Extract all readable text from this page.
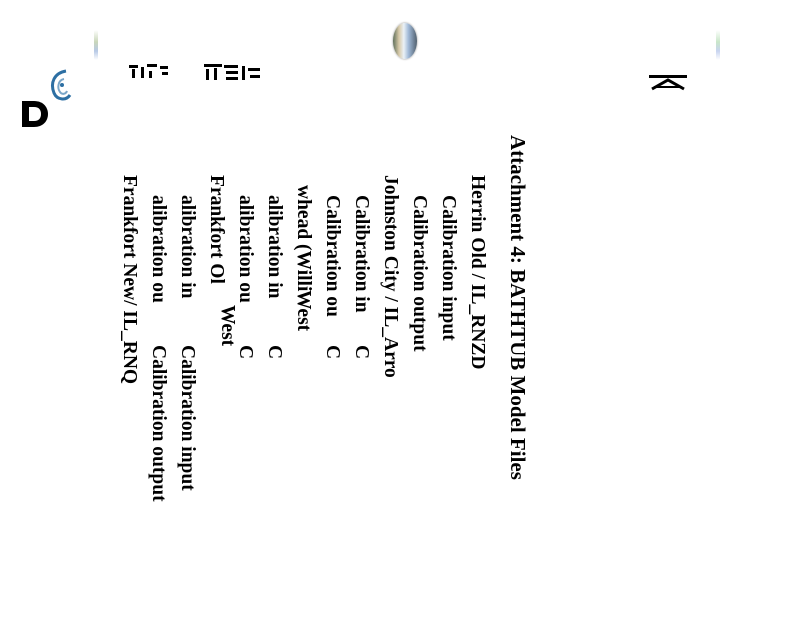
Attachment 4: BATHTUB Model Files

Herrin Old / IL_RNZD

Calibration input

Calibration output

Johnston City / IL_Arro

Calibration in

Calibration ou

whead (Willi

alibration in

alibration ou

Frankfort Ol

alibration in

alibration ou

Frankfort New/ IL_RNQ	C

C

C

C

West

West

Calibration input

Calibration output
